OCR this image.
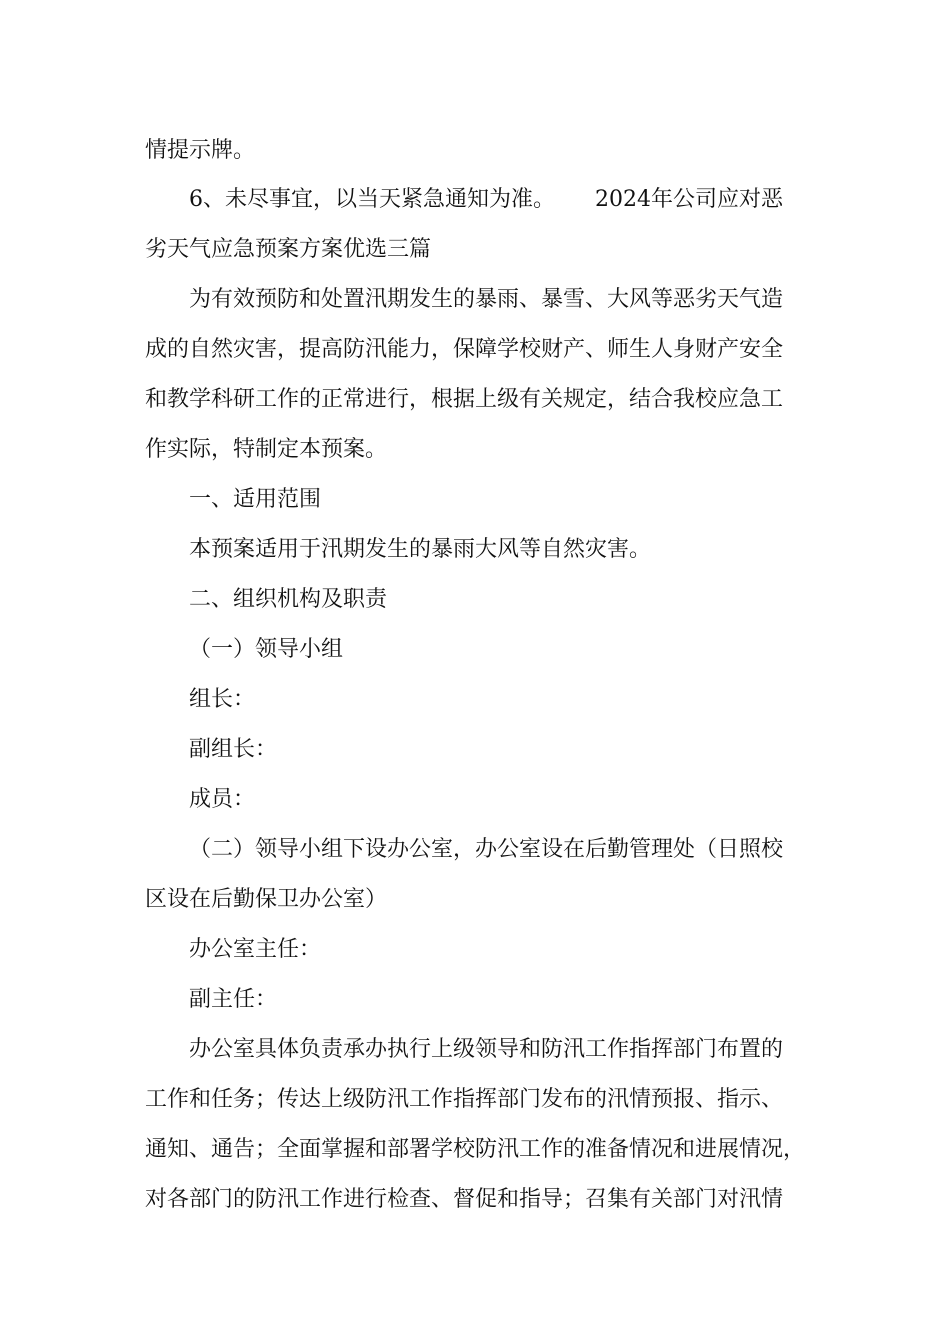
情提示牌。
6、未尽事宜，以当天紧急通知为准。 2024年公司应对恶
劣天气应急预案方案优选三篇
为有效预防和处置汛期发生的暴雨、暴雪、大风等恶劣天气造
成的自然灾害，提高防汛能力，保障学校财产、师生人身财产安全
和教学科研工作的正常进行，根据上级有关规定，结合我校应急工
作实际，特制定本预案。
一、适用范围
本预案适用于汛期发生的暴雨大风等自然灾害。
二、组织机构及职责
（一）领导小组
组长：
副组长：
成员：
（二）领导小组下设办公室，办公室设在后勤管理处（日照校
区设在后勤保卫办公室）
办公室主任：
副主任：
办公室具体负责承办执行上级领导和防汛工作指挥部门布置的
工作和任务；传达上级防汛工作指挥部门发布的汛情预报、指示、
通知、通告；全面掌握和部署学校防汛工作的准备情况和进展情况，
对各部门的防汛工作进行检查、督促和指导；召集有关部门对汛情
